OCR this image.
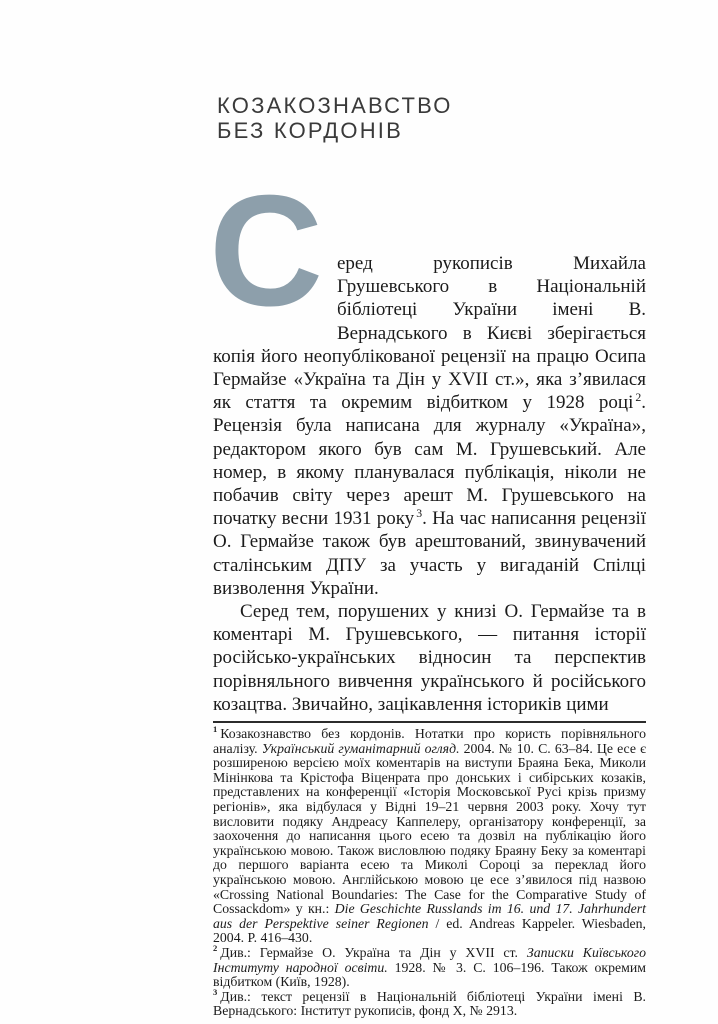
КОЗАКОЗНАВСТВО
БЕЗ КОРДОНІВ

С еред рукописів Михайла Грушевського в Національній бібліотеці України імені В. Вернадського в Києві зберігається копія його неопублікованої рецензії на працю Осипа Гермайзе «Україна та Дін у XVII ст.», яка з’явилася як стаття та окремим відбитком у 1928 році $^2$. Рецензія була написана для журналу «Україна», редактором якого був сам М. Грушевський. Але номер, в якому планувалася публікація, ніколи не побачив світу через арешт М. Грушевського на початку весни 1931 року $^3$. На час написання рецензії О. Гермайзе також був арештований, звинувачений сталінським ДПУ за участь у вигаданій Спілці визволення України.

Серед тем, порушених у книзі О. Гермайзе та в коментарі М. Грушевського, — питання історії російсько-українських відносин та перспектив порівняльного вивчення українського й російського козацтва. Звичайно, зацікавлення істориків цими

$^1$ Козакознавство без кордонів. Нотатки про користь порівняльного аналізу. Український гуманітарний огляд. 2004. № 10. С. 63–84. Це есе є розширеною версією моїх коментарів на виступи Браяна Бека, Миколи Мінінкова та Крістофа Віценрата про донських і сибірських козаків, представлених на конференції «Історія Московської Русі крізь призму регіонів», яка відбулася у Відні 19–21 червня 2003 року. Хочу тут висловити подяку Андреасу Каппелеру, організатору конференції, за заохочення до написання цього есею та дозвіл на публікацію його українською мовою. Також висловлюю подяку Браяну Беку за коментарі до першого варіанта есею та Миколі Сороці за переклад його українською мовою. Англійською мовою це есе з’явилося під назвою «Crossing National Boundaries: The Case for the Comparative Study of Cossackdom» у кн.: Die Geschichte Russlands im 16. und 17. Jahrhundert aus der Perspektive seiner Regionen / ed. Andreas Kappeler. Wiesbaden, 2004. P. 416–430.

$^2$ Див.: Гермайзе О. Україна та Дін у XVII ст. Записки Київського Інституту народної освіти. 1928. № 3. С. 106–196. Також окремим відбитком (Київ, 1928).

$^3$ Див.: текст рецензії в Національній бібліотеці України імені В. Вернадського: Інститут рукописів, фонд X, № 2913.
